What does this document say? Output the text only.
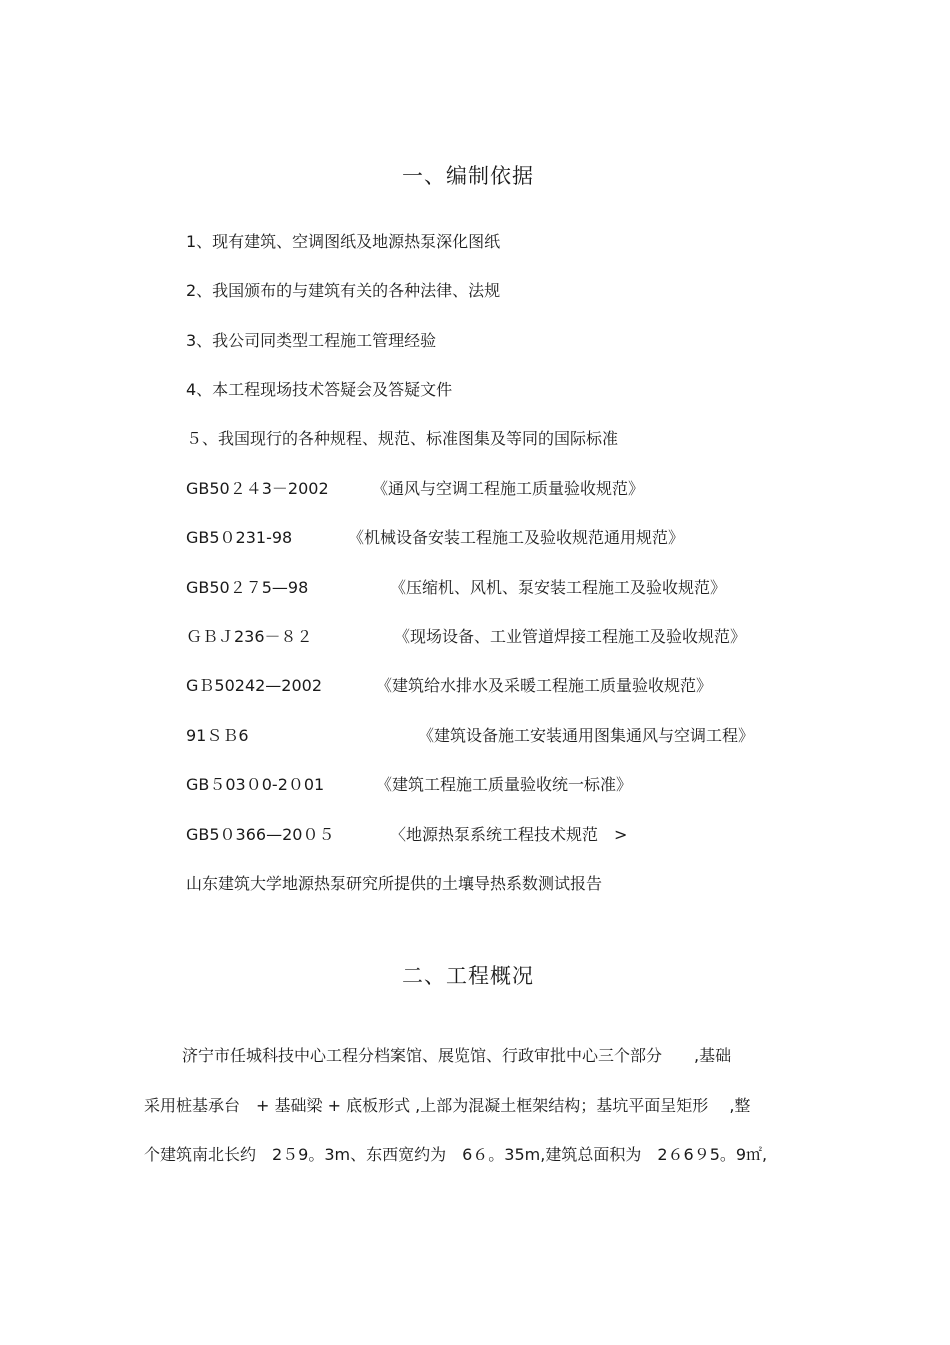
一、编制依据
1、现有建筑、空调图纸及地源热泵深化图纸
2、我国颁布的与建筑有关的各种法律、法规
3、我公司同类型工程施工管理经验
4、本工程现场技术答疑会及答疑文件
５、我国现行的各种规程、规范、标准图集及等同的国际标准
GB50２４3－2002	《通风与空调工程施工质量验收规范》
GB5０231-98	《机械设备安装工程施工及验收规范通用规范》
GB50２７5—98	《压缩机、风机、泵安装工程施工及验收规范》
ＧＢＪ236－８２	《现场设备、工业管道焊接工程施工及验收规范》
GＢ50242—2002	《建筑给水排水及采暖工程施工质量验收规范》
91ＳＢ6	《建筑设备施工安装通用图集通风与空调工程》
GB５03０0-2０01	《建筑工程施工质量验收统一标准》
GB5０366—20０５	〈地源热泵系统工程技术规范　>
山东建筑大学地源热泵研究所提供的土壤导热系数测试报告
二、工程概况
济宁市任城科技中心工程分档案馆、展览馆、行政审批中心三个部分　　,基础
采用桩基承台　+ 基础梁 + 底板形式 ,上部为混凝土框架结构；基坑平面呈矩形　 ,整
个建筑南北长约　2５9。3m、东西宽约为　6６。35m,建筑总面积为　2６6９5。9㎡,
